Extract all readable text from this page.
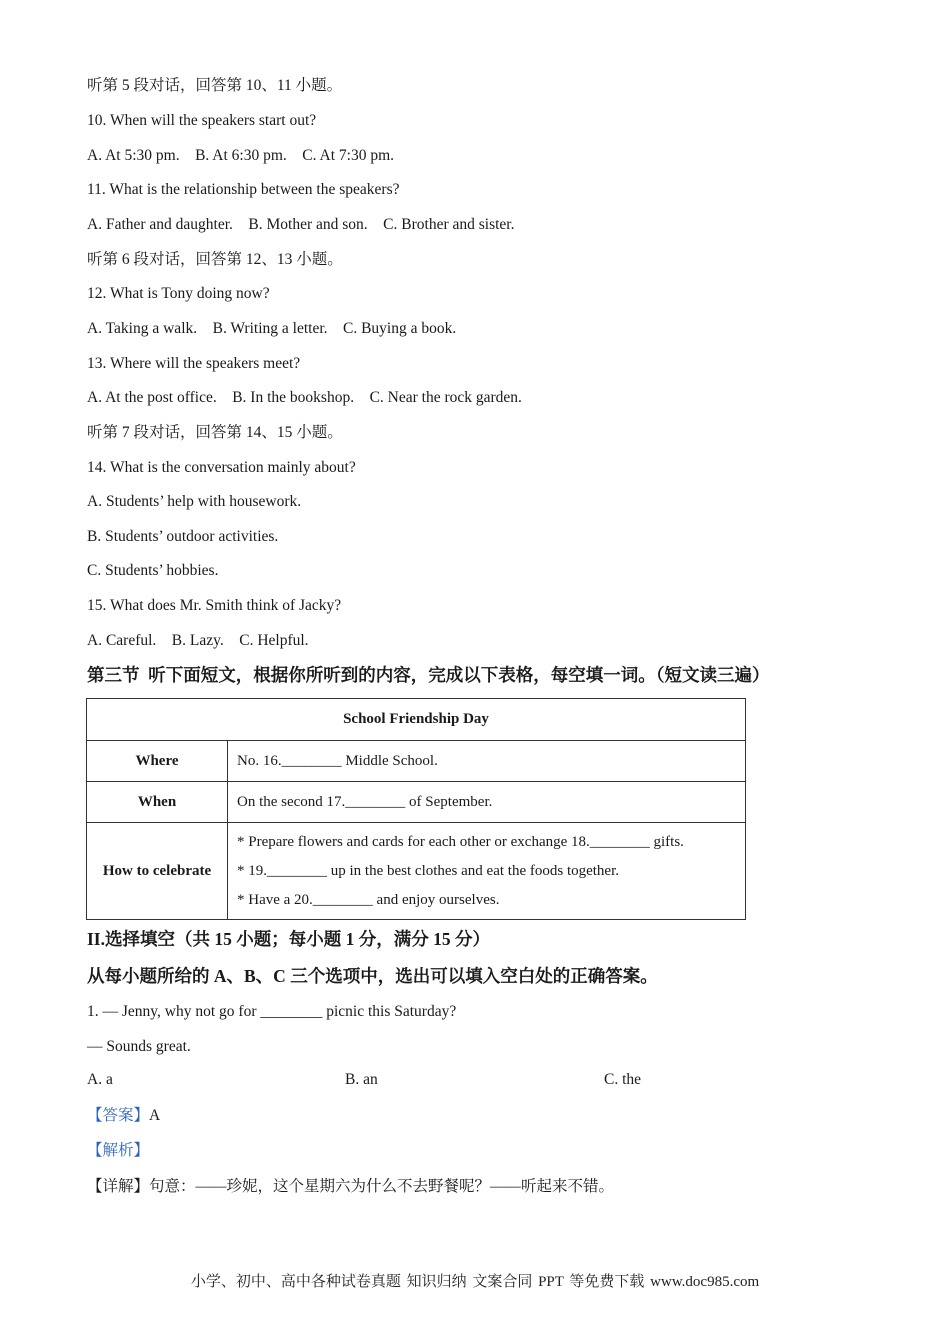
听第 5 段对话，回答第 10、11 小题。
10. When will the speakers start out?
A. At 5:30 pm.    B. At 6:30 pm.    C. At 7:30 pm.
11. What is the relationship between the speakers?
A. Father and daughter.    B. Mother and son.    C. Brother and sister.
听第 6 段对话，回答第 12、13 小题。
12. What is Tony doing now?
A. Taking a walk.    B. Writing a letter.    C. Buying a book.
13. Where will the speakers meet?
A. At the post office.    B. In the bookshop.    C. Near the rock garden.
听第 7 段对话，回答第 14、15 小题。
14. What is the conversation mainly about?
A. Students’ help with housework.
B. Students’ outdoor activities.
C. Students’ hobbies.
15. What does Mr. Smith think of Jacky?
A. Careful.    B. Lazy.    C. Helpful.
第三节  听下面短文，根据你所听到的内容，完成以下表格，每空填一词。（短文读三遍）
School Friendship Day	
Where	No. 16.________ Middle School.
When	On the second 17.________ of September.
How to celebrate	* Prepare flowers and cards for each other or exchange 18.________ gifts.
* 19.________ up in the best clothes and eat the foods together.
* Have a 20.________ and enjoy ourselves.
II.选择填空（共 15 小题；每小题 1 分，满分 15 分）
从每小题所给的 A、B、C 三个选项中，选出可以填入空白处的正确答案。
1. — Jenny, why not go for ________ picnic this Saturday?
— Sounds great.
A. a	B. an	C. the
【答案】A
【解析】
【详解】句意：——珍妮，这个星期六为什么不去野餐呢？——听起来不错。
小学、初中、高中各种试卷真题 知识归纳 文案合同 PPT 等免费下载 www.doc985.com
